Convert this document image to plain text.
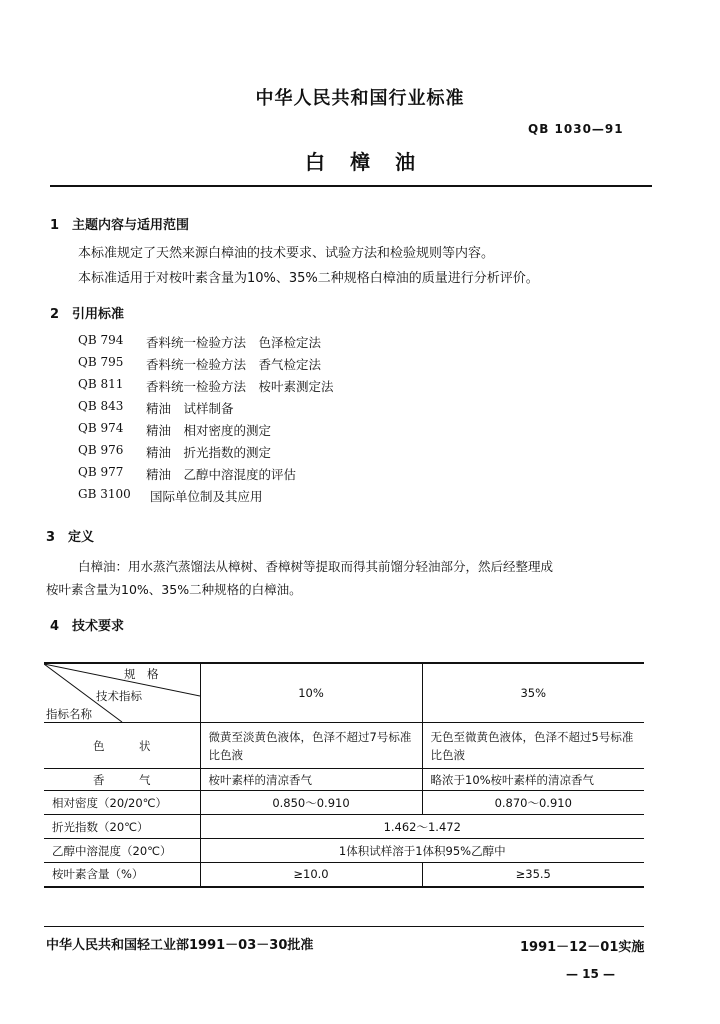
中华人民共和国行业标准
QB 1030—91
白 樟 油
1　主题内容与适用范围
本标准规定了天然来源白樟油的技术要求、试验方法和检验规则等内容。
本标准适用于对桉叶素含量为10%、35%二种规格白樟油的质量进行分析评价。
2　引用标准
QB 794 香料统一检验方法　色泽检定法
QB 795 香料统一检验方法　香气检定法
QB 811 香料统一检验方法　桉叶素测定法
QB 843 精油　试样制备
QB 974 精油　相对密度的测定
QB 976 精油　折光指数的测定
QB 977 精油　乙醇中溶混度的评估
GB 3100 国际单位制及其应用
3　定义
白樟油：用水蒸汽蒸馏法从樟树、香樟树等提取而得其前馏分轻油部分，然后经整理成
桉叶素含量为10%、35%二种规格的白樟油。
4　技术要求
规　格
技术指标
指标名称	10%	35%
色　　　状	微黄至淡黄色液体，色泽不超过7号标准比色液	无色至微黄色液体，色泽不超过5号标准比色液
香　　　气	桉叶素样的清凉香气	略浓于10%桉叶素样的清凉香气
相对密度（20/20℃）	0.850～0.910	0.870～0.910
折光指数（20℃）	1.462～1.472	
乙醇中溶混度（20℃）	1体积试样溶于1体积95%乙醇中	
桉叶素含量（%）	≥10.0	≥35.5
中华人民共和国轻工业部1991－03－30批准	1991－12－01实施
— 15 —
